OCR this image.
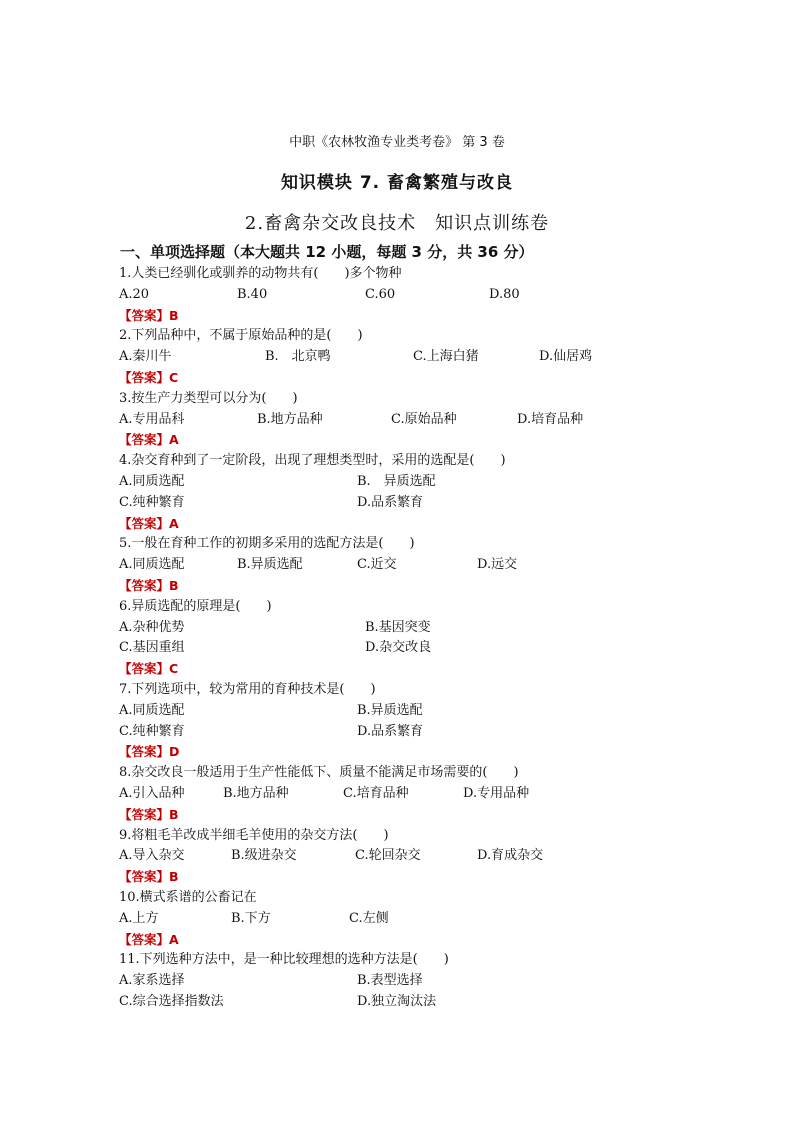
中职《农林牧渔专业类考卷》 第 3 卷
知识模块 7. 畜禽繁殖与改良
2.畜禽杂交改良技术　知识点训练卷
一、单项选择题（本大题共 12 小题，每题 3 分，共 36 分）
1.人类已经驯化或驯养的动物共有(　　)多个物种
A.20	B.40	C.60	D.80
【答案】B
2.下列品种中，不属于原始品种的是(　　)
A.秦川牛	B.　北京鸭	C.上海白猪	D.仙居鸡
【答案】C
3.按生产力类型可以分为(　　)
A.专用品科	B.地方品种	C.原始品种	D.培育品种
【答案】A
4.杂交育种到了一定阶段，出现了理想类型时，采用的选配是(　　)
A.同质选配	B.　异质选配
C.纯种繁育	D.品系繁育
【答案】A
5.一般在育种工作的初期多采用的选配方法是(　　)
A.同质选配	B.异质选配	C.近交	D.远交
【答案】B
6.异质选配的原理是(　　)
A.杂种优势	B.基因突变
C.基因重组	D.杂交改良
【答案】C
7.下列选项中，较为常用的育种技术是(　　)
A.同质选配	B.异质选配
C.纯种繁育	D.品系繁育
【答案】D
8.杂交改良一般适用于生产性能低下、质量不能满足市场需要的(　　)
A.引入品种	B.地方品种	C.培育品种	D.专用品种
【答案】B
9.将粗毛羊改成半细毛羊使用的杂交方法(　　)
A.导入杂交	B.级进杂交	C.轮回杂交	D.育成杂交
【答案】B
10.横式系谱的公畜记在
A.上方	B.下方	C.左侧
【答案】A
11.下列选种方法中，是一种比较理想的选种方法是(　　)
A.家系选择	B.表型选择
C.综合选择指数法	D.独立淘汰法
